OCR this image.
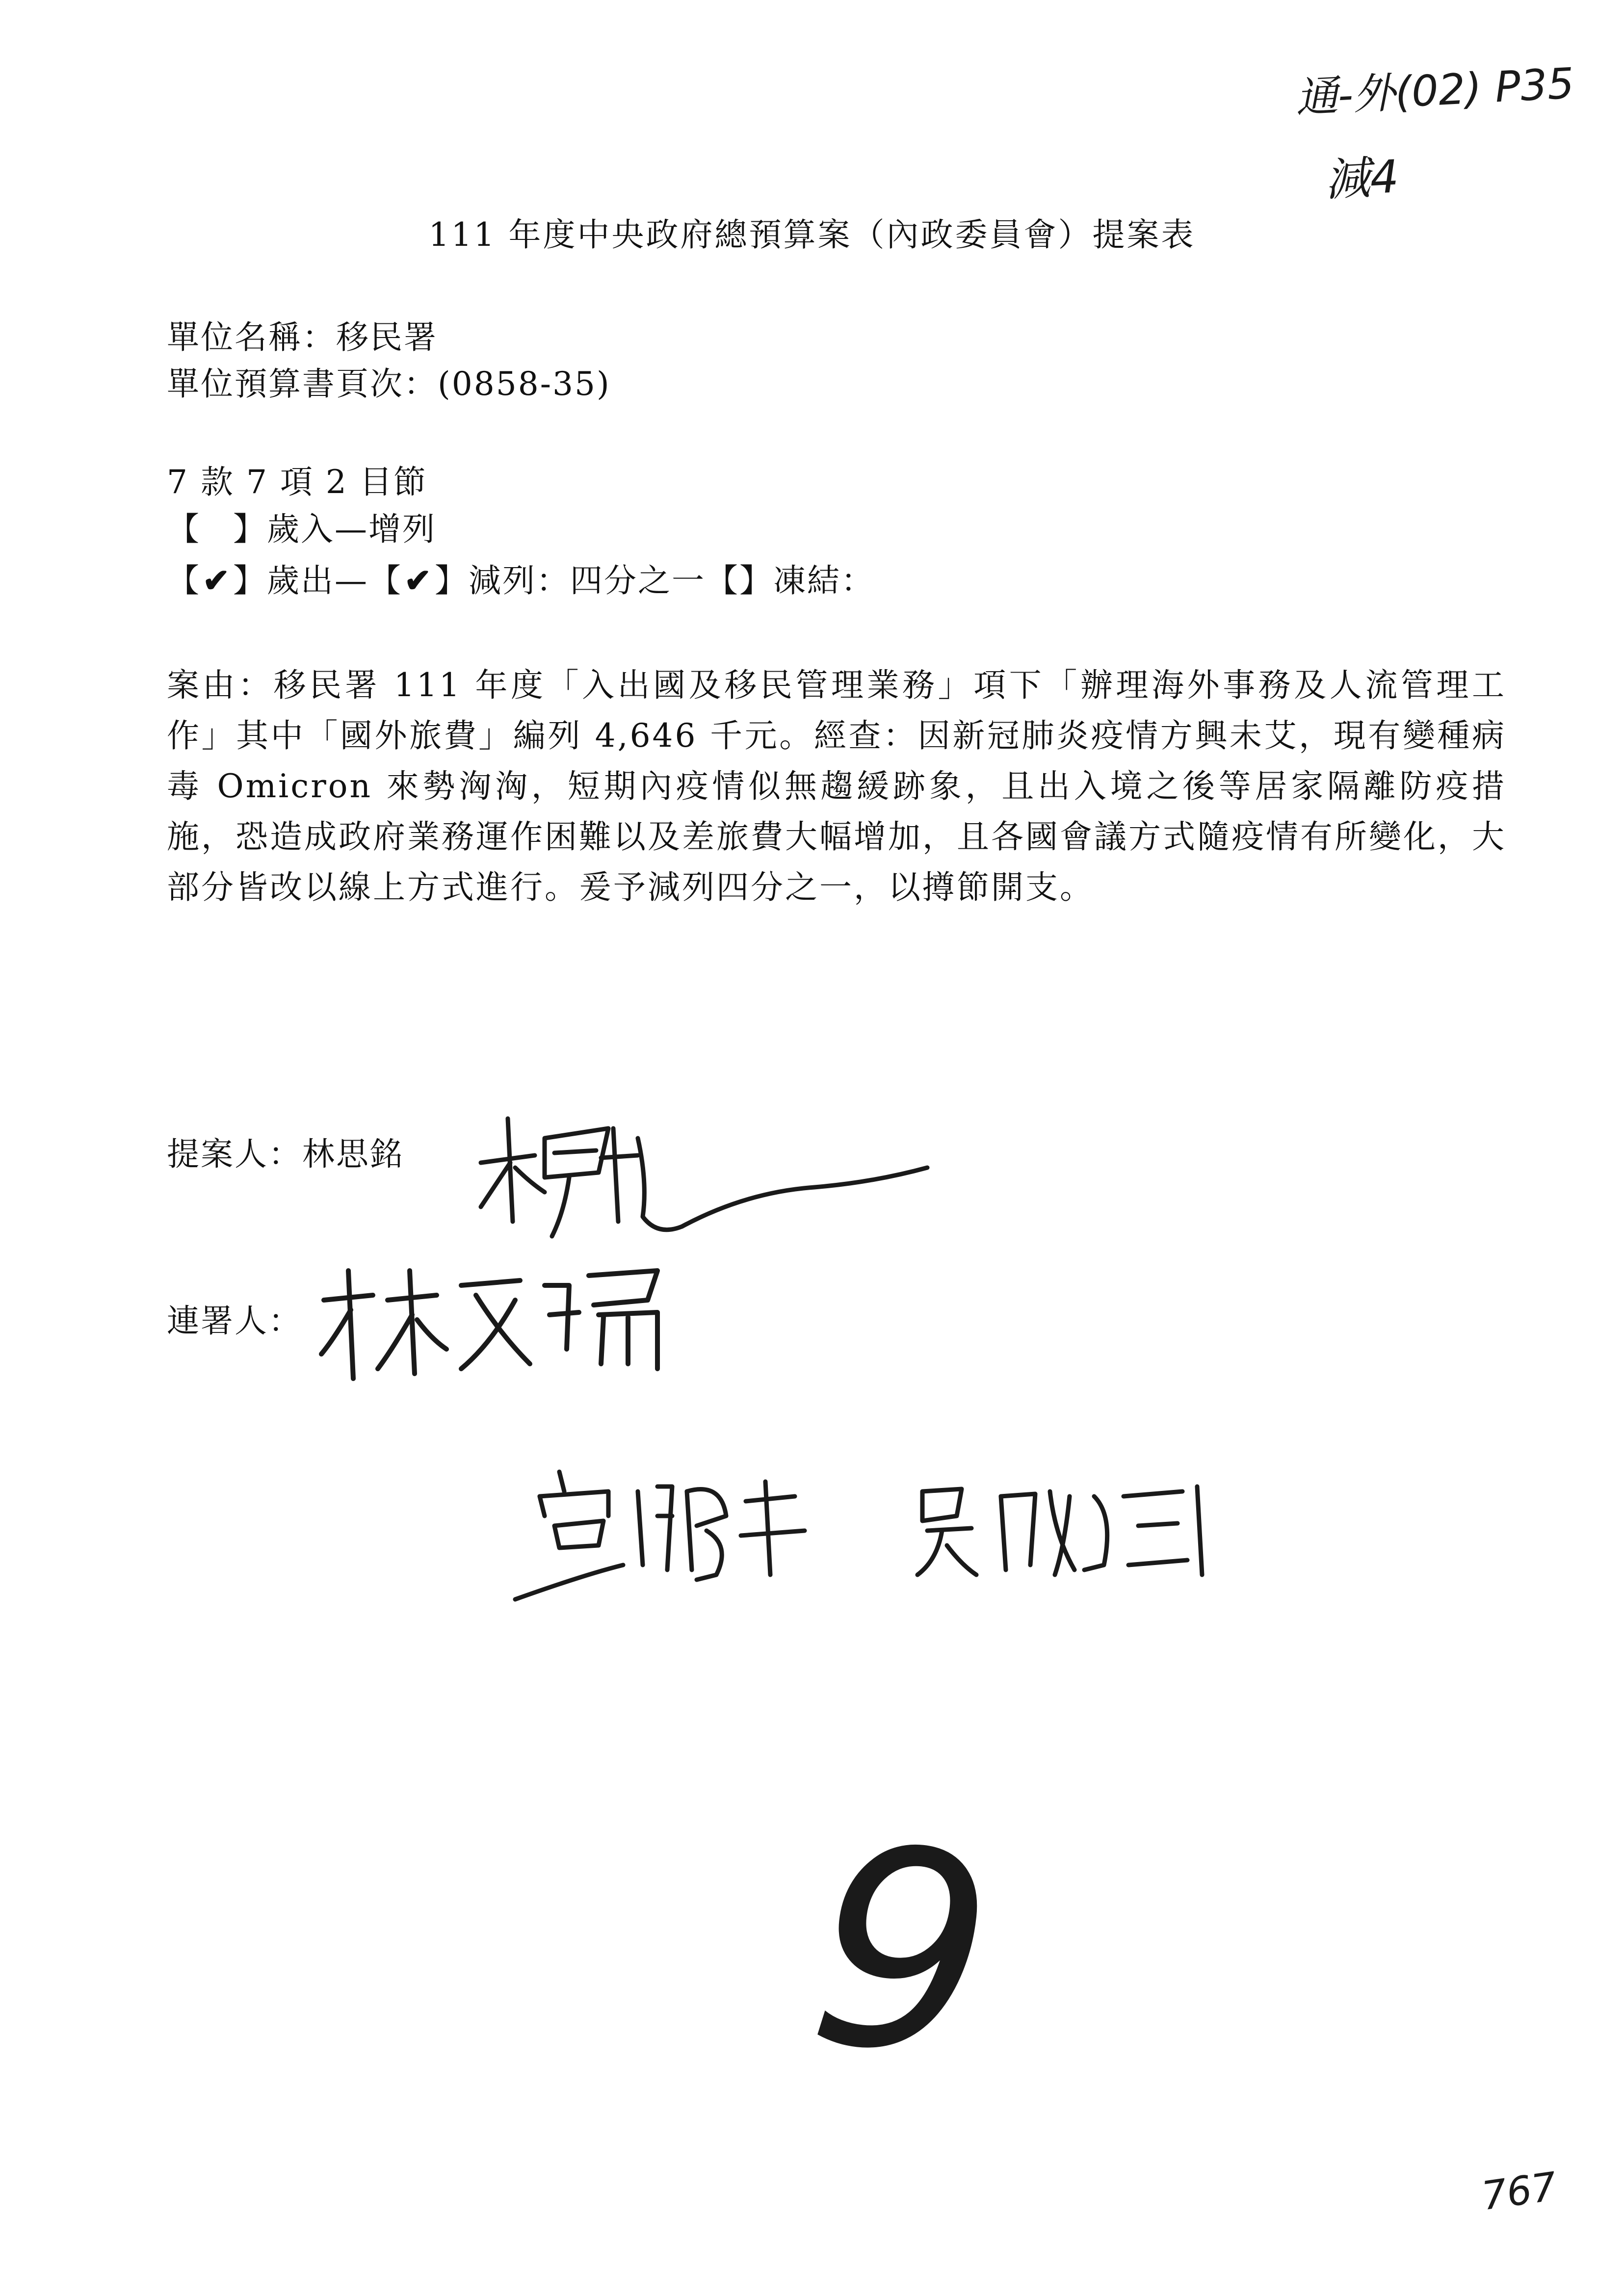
通-外(02) P35
減4
111 年度中央政府總預算案（內政委員會）提案表
單位名稱：移民署
單位預算書頁次：(0858-35)
7 款 7 項 2 目節
【 】歲入—增列
【✔】歲出—【✔】減列：四分之一【】凍結：
案由：移民署 111 年度「入出國及移民管理業務」項下「辦理海外事務及人流管理工作」其中「國外旅費」編列 4,646 千元。經查：因新冠肺炎疫情方興未艾，現有變種病毒 Omicron 來勢洶洶，短期內疫情似無趨緩跡象，且出入境之後等居家隔離防疫措施，恐造成政府業務運作困難以及差旅費大幅增加，且各國會議方式隨疫情有所變化，大部分皆改以線上方式進行。爰予減列四分之一，以撙節開支。
提案人：林思銘
連署人：
9
767
